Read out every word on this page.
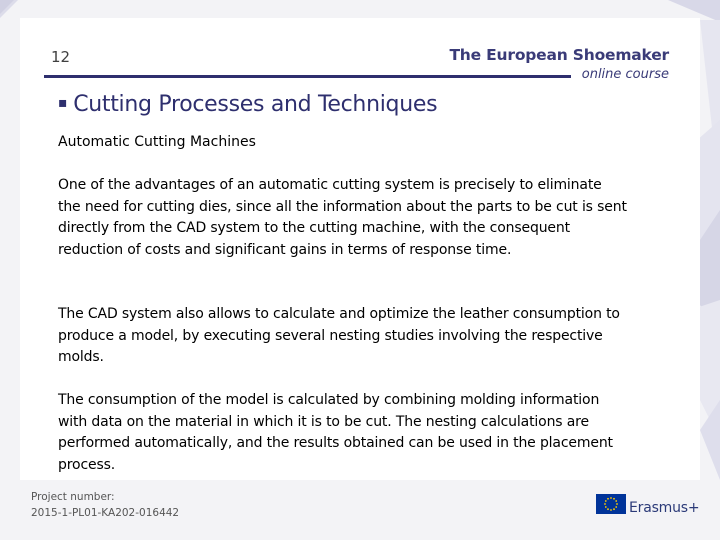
12	The European Shoemaker
online course
▪ Cutting Processes and Techniques
Automatic Cutting Machines

One of the advantages of an automatic cutting system is precisely to eliminate the need for cutting dies, since all the information about the parts to be cut is sent directly from the CAD system to the cutting machine, with the consequent reduction of costs and significant gains in terms of response time.

The CAD system also allows to calculate and optimize the leather consumption to produce a model, by executing several nesting studies involving the respective molds.

The consumption of the model is calculated by combining molding information with data on the material in which it is to be cut. The nesting calculations are performed automatically, and the results obtained can be used in the placement process.

Project number:
2015-1-PL01-KA202-016442	Erasmus+
